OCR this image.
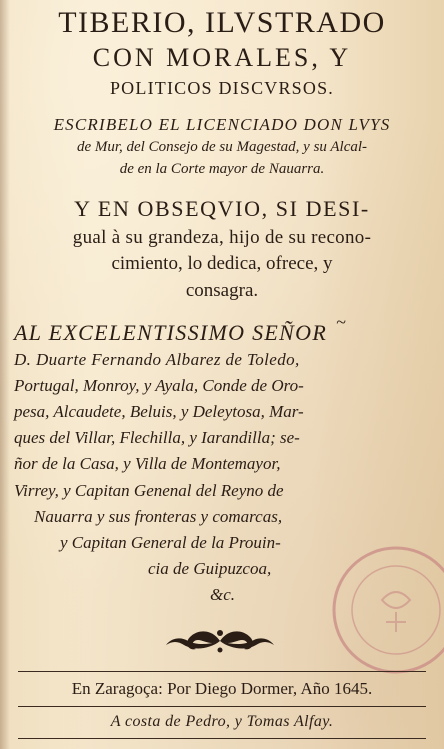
TIBERIO, ILVSTRADO
CON MORALES, Y
POLITICOS DISCVRSOS.
ESCRIBELO EL LICENCIADO DON LVYS
de Mur, del Consejo de su Magestad, y su Alcal-
de en la Corte mayor de Nauarra.
Y EN OBSEQVIO, SI DESI-
gual à su grandeza, hijo de su recono-
cimiento, lo dedica, ofrece, y
consagra.
~
AL EXCELENTISSIMO SEÑOR
D. Duarte Fernando Albarez de Toledo,
Portugal, Monroy, y Ayala, Conde de Oro-
pesa, Alcaudete, Beluis, y Deleytosa, Mar-
ques del Villar, Flechilla, y Iarandilla; se-
ñor de la Casa, y Villa de Montemayor,
Virrey, y Capitan Genenal del Reyno de
Nauarra y sus fronteras y comarcas,
y Capitan General de la Prouin-
cia de Guipuzcoa,
&c.
En Zaragoça: Por Diego Dormer, Año 1645.
A costa de Pedro, y Tomas Alfay.
